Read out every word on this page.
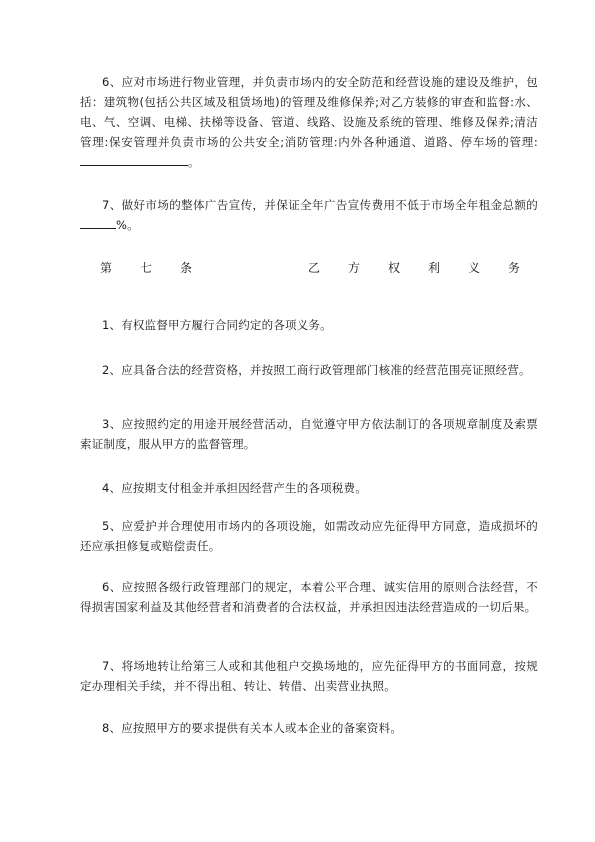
6、应对市场进行物业管理，并负责市场内的安全防范和经营设施的建设及维护，包括：建筑物(包括公共区域及租赁场地)的管理及维修保养;对乙方装修的审查和监督:水、电、气、空调、电梯、扶梯等设备、管道、线路、设施及系统的管理、维修及保养;清洁管理:保安管理并负责市场的公共安全;消防管理:内外各种通道、道路、停车场的管理:。

7、做好市场的整体广告宣传，并保证全年广告宣传费用不低于市场全年租金总额的%。

第 七 条	乙 方 权 利 义 务

1、有权监督甲方履行合同约定的各项义务。

2、应具备合法的经营资格，并按照工商行政管理部门核准的经营范围亮证照经营。

3、应按照约定的用途开展经营活动，自觉遵守甲方依法制订的各项规章制度及索票索证制度，服从甲方的监督管理。

4、应按期支付租金并承担因经营产生的各项税费。

5、应爱护并合理使用市场内的各项设施，如需改动应先征得甲方同意，造成损坏的还应承担修复或赔偿责任。

6、应按照各级行政管理部门的规定，本着公平合理、诚实信用的原则合法经营，不得损害国家利益及其他经营者和消费者的合法权益，并承担因违法经营造成的一切后果。

7、将场地转让给第三人或和其他租户交换场地的，应先征得甲方的书面同意，按规定办理相关手续，并不得出租、转让、转借、出卖营业执照。

8、应按照甲方的要求提供有关本人或本企业的备案资料。
